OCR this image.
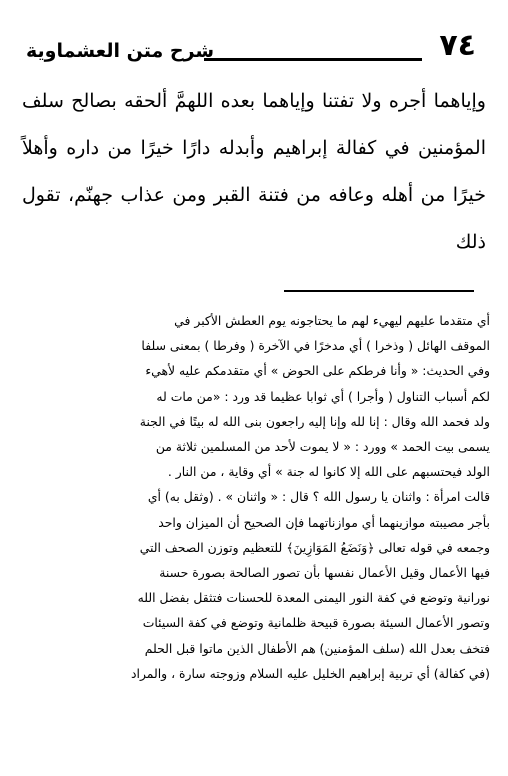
٧٤
شرح متن العشماوية
وإياهما أجره ولا تفتنا وإياهما بعده اللهمَّ ألحقه بصالح سلف المؤمنين في كفالة إبراهيم وأبدله دارًا خيرًا من داره وأهلاً خيرًا من أهله وعافه من فتنة القبر ومن عذاب جهنّم، تقول ذلك
أي متقدما عليهم ليهيء لهم ما يحتاجونه يوم العطش الأكبر في
الموقف الهائل ( وذخرا ) أي مدخرًا في الآخرة ( وفرطا ) بمعنى سلفا
وفي الحديث: « وأنا فرطكم على الحوض » أي متقدمكم عليه لأهيء
لكم أسباب التناول ( وأجرا ) أي ثوابا عظيما قد ورد : «من مات له
ولد فحمد الله وقال : إنا لله وإنا إليه راجعون بنى الله له بيتًا في الجنة
يسمى بيت الحمد » وورد : « لا يموت لأحد من المسلمين ثلاثة من
الولد فيحتسبهم على الله إلا كانوا له جنة » أي وقاية ، من النار .
قالت امرأة : واثنان يا رسول الله ؟ قال : « واثنان » . (وثقل به) أي
بأجر مصيبته موازينهما أي موازناتهما فإن الصحيح أن الميزان واحد
وجمعه في قوله تعالى ﴿وَنَضَعُ المَوَازِينَ﴾ للتعظيم وتوزن الصحف التي
فيها الأعمال وقيل الأعمال نفسها بأن تصور الصالحة بصورة حسنة
نورانية وتوضع في كفة النور اليمنى المعدة للحسنات فتثقل بفضل الله
وتصور الأعمال السيئة بصورة قبيحة ظلمانية وتوضع في كفة السيئات
فتخف بعدل الله (سلف المؤمنين) هم الأطفال الذين ماتوا قبل الحلم
(في كفالة) أي تربية إبراهيم الخليل عليه السلام وزوجته سارة ، والمراد
